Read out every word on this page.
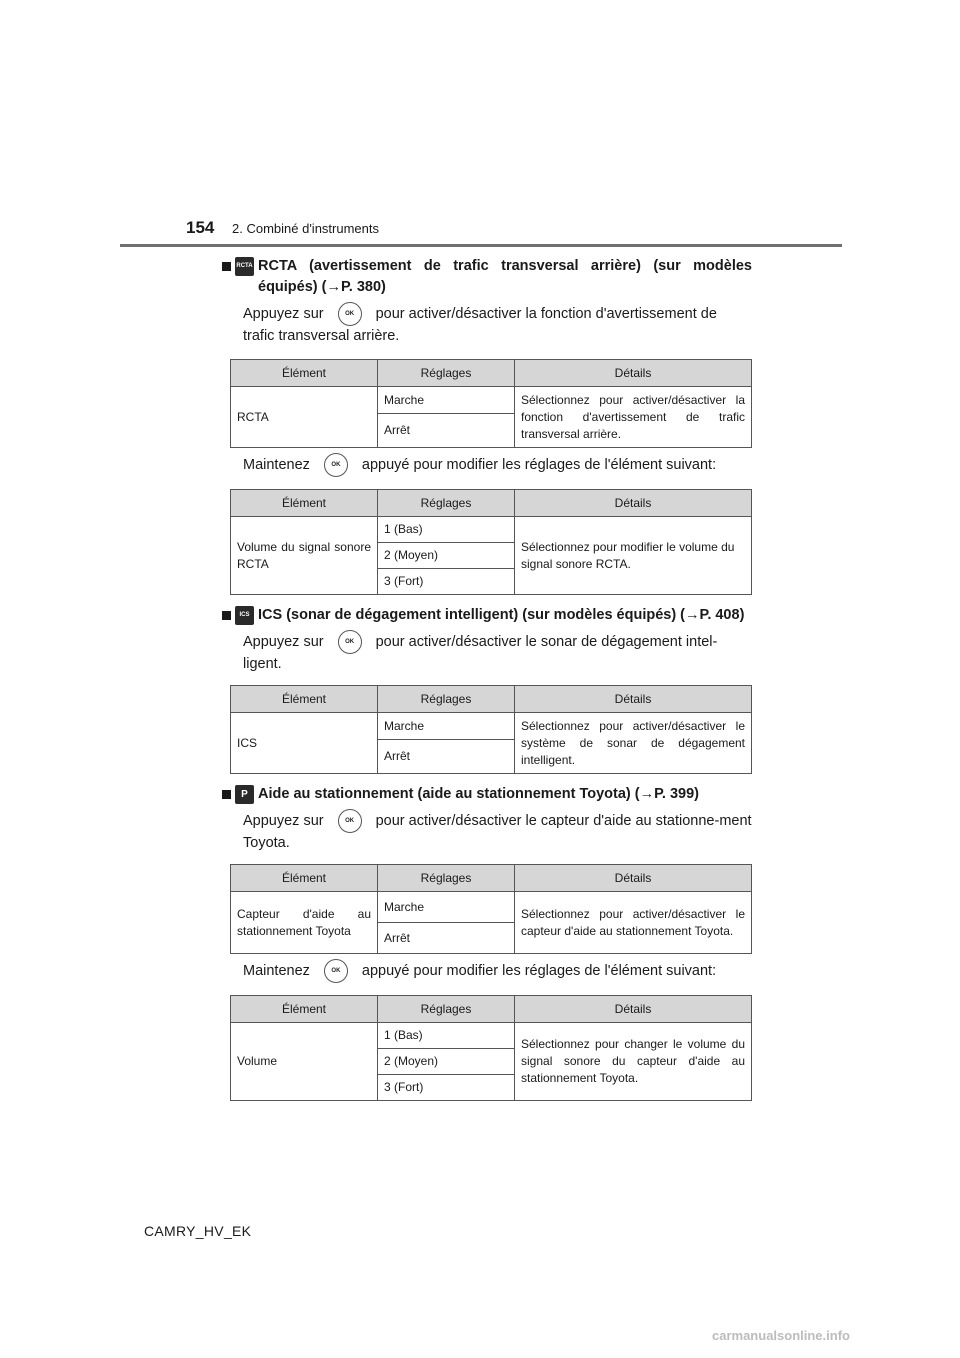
154 2. Combiné d'instruments
RCTA RCTA (avertissement de trafic transversal arrière) (sur modèles équipés) (→P. 380)
Appuyez sur	OK pour activer/désactiver la fonction d'avertissement de trafic transversal arrière.
Élément	Réglages	Détails
RCTA	Marche	Sélectionnez pour activer/désactiver la fonction d'avertissement de trafic transversal arrière.
	Arrêt	
Maintenez	OK appuyé pour modifier les réglages de l'élément suivant:
Élément	Réglages	Détails
Volume du signal sonore RCTA	1 (Bas)	Sélectionnez pour modifier le volume du signal sonore RCTA.
	2 (Moyen)	
	3 (Fort)	
ICS ICS (sonar de dégagement intelligent) (sur modèles équipés) (→P. 408)
Appuyez sur	OK pour activer/désactiver le sonar de dégagement intel-ligent.
Élément	Réglages	Détails
ICS	Marche	Sélectionnez pour activer/désactiver le système de sonar de dégagement intelligent.
	Arrêt	
P Aide au stationnement (aide au stationnement Toyota) (→P. 399)
Appuyez sur	OK pour activer/désactiver le capteur d'aide au stationne-ment Toyota.
Élément	Réglages	Détails
Capteur d'aide au stationnement Toyota	Marche	Sélectionnez pour activer/désactiver le capteur d'aide au stationnement Toyota.
	Arrêt	
Maintenez	OK appuyé pour modifier les réglages de l'élément suivant:
Élément	Réglages	Détails
Volume	1 (Bas)	Sélectionnez pour changer le volume du signal sonore du capteur d'aide au stationnement Toyota.
	2 (Moyen)	
	3 (Fort)	
CAMRY_HV_EK
carmanualsonline.info
